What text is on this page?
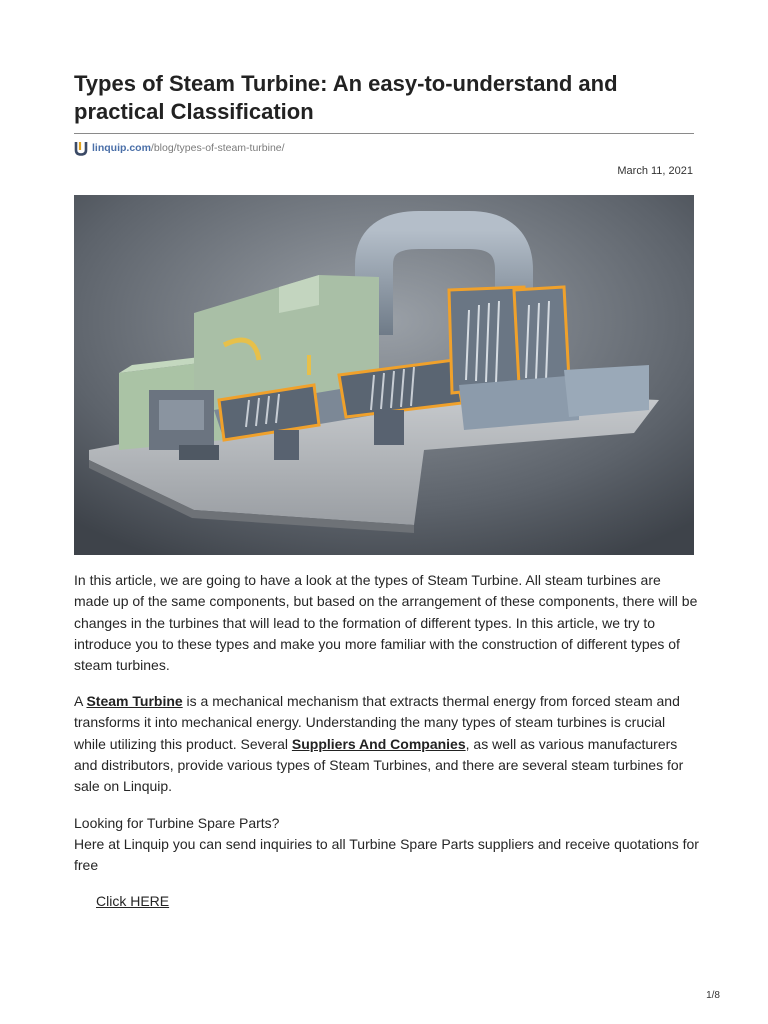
Types of Steam Turbine: An easy-to-understand and practical Classification
linquip.com /blog/types-of-steam-turbine/
March 11, 2021

In this article, we are going to have a look at the types of Steam Turbine. All steam turbines are made up of the same components, but based on the arrangement of these components, there will be changes in the turbines that will lead to the formation of different types. In this article, we try to introduce you to these types and make you more familiar with the construction of different types of steam turbines.

A Steam Turbine is a mechanical mechanism that extracts thermal energy from forced steam and transforms it into mechanical energy. Understanding the many types of steam turbines is crucial while utilizing this product. Several Suppliers And Companies, as well as various manufacturers and distributors, provide various types of Steam Turbines, and there are several steam turbines for sale on Linquip.

Looking for Turbine Spare Parts?

Here at Linquip you can send inquiries to all Turbine Spare Parts suppliers and receive quotations for free

Click HERE
1/8
